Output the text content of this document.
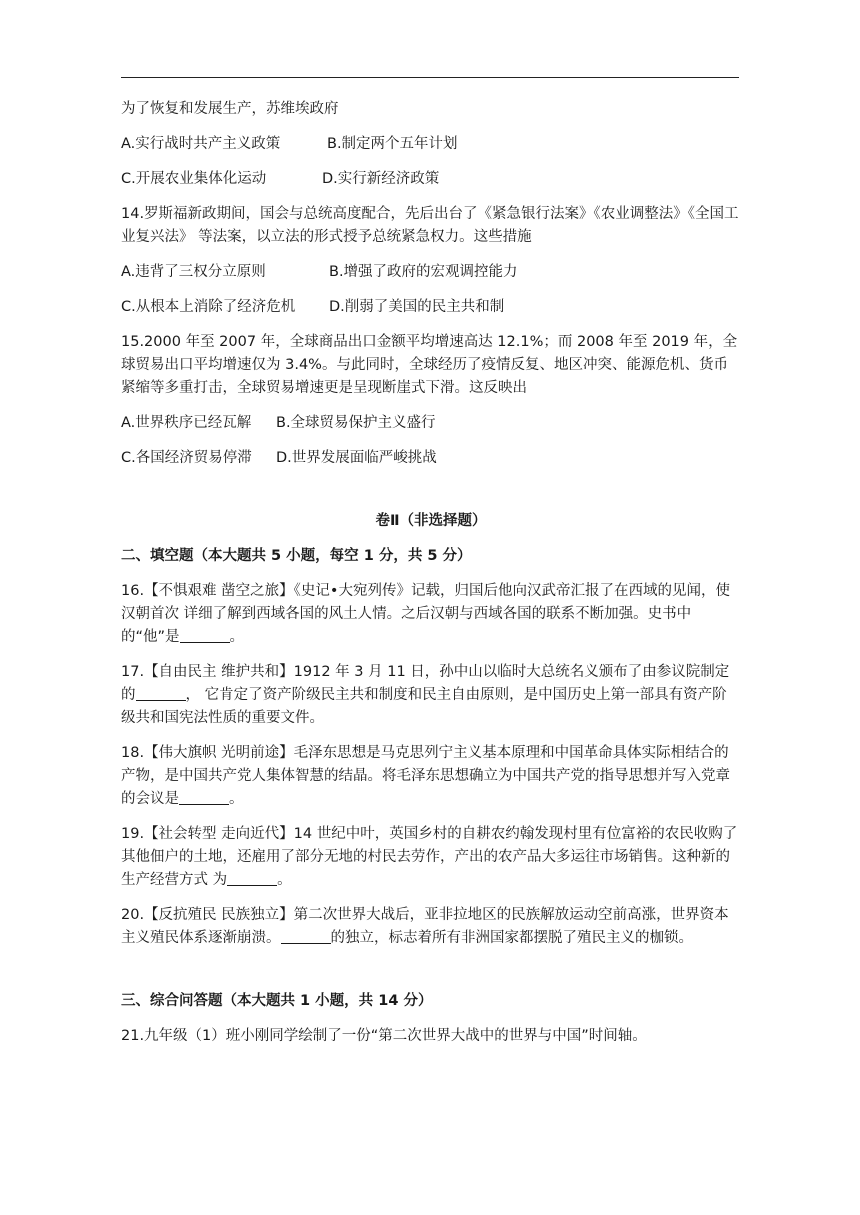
为了恢复和发展生产，苏维埃政府

A.实行战时共产主义政策	B.制定两个五年计划

C.开展农业集体化运动	D.实行新经济政策

14.罗斯福新政期间，国会与总统高度配合，先后出台了《紧急银行法案》《农业调整法》《全国工业复兴法》 等法案，以立法的形式授予总统紧急权力。这些措施

A.违背了三权分立原则	B.增强了政府的宏观调控能力

C.从根本上消除了经济危机 D.削弱了美国的民主共和制

15.2000 年至 2007 年，全球商品出口金额平均增速高达 12.1%；而 2008 年至 2019 年，全球贸易出口平均增速仅为 3.4%。与此同时，全球经历了疫情反复、地区冲突、能源危机、货币紧缩等多重打击，全球贸易增速更是呈现断崖式下滑。这反映出

A.世界秩序已经瓦解 B.全球贸易保护主义盛行

C.各国经济贸易停滞 D.世界发展面临严峻挑战

卷Ⅱ（非选择题）

二、填空题（本大题共 5 小题，每空 1 分，共 5 分）

16.【不惧艰难 凿空之旅】《史记•大宛列传》记载，归国后他向汉武帝汇报了在西域的见闻，使汉朝首次 详细了解到西域各国的风土人情。之后汉朝与西域各国的联系不断加强。史书中的“他”是	。

17.【自由民主 维护共和】1912 年 3 月 11 日，孙中山以临时大总统名义颁布了由参议院制定的	， 它肯定了资产阶级民主共和制度和民主自由原则，是中国历史上第一部具有资产阶级共和国宪法性质的重要文件。

18.【伟大旗帜 光明前途】毛泽东思想是马克思列宁主义基本原理和中国革命具体实际相结合的产物，是中国共产党人集体智慧的结晶。将毛泽东思想确立为中国共产党的指导思想并写入党章的会议是	。

19.【社会转型 走向近代】14 世纪中叶，英国乡村的自耕农约翰发现村里有位富裕的农民收购了其他佃户的土地，还雇用了部分无地的村民去劳作，产出的农产品大多运往市场销售。这种新的生产经营方式 为	。

20.【反抗殖民 民族独立】第二次世界大战后，亚非拉地区的民族解放运动空前高涨，世界资本主义殖民体系逐渐崩溃。	的独立，标志着所有非洲国家都摆脱了殖民主义的枷锁。

三、综合问答题（本大题共 1 小题，共 14 分）

21.九年级（1）班小刚同学绘制了一份“第二次世界大战中的世界与中国”时间轴。
